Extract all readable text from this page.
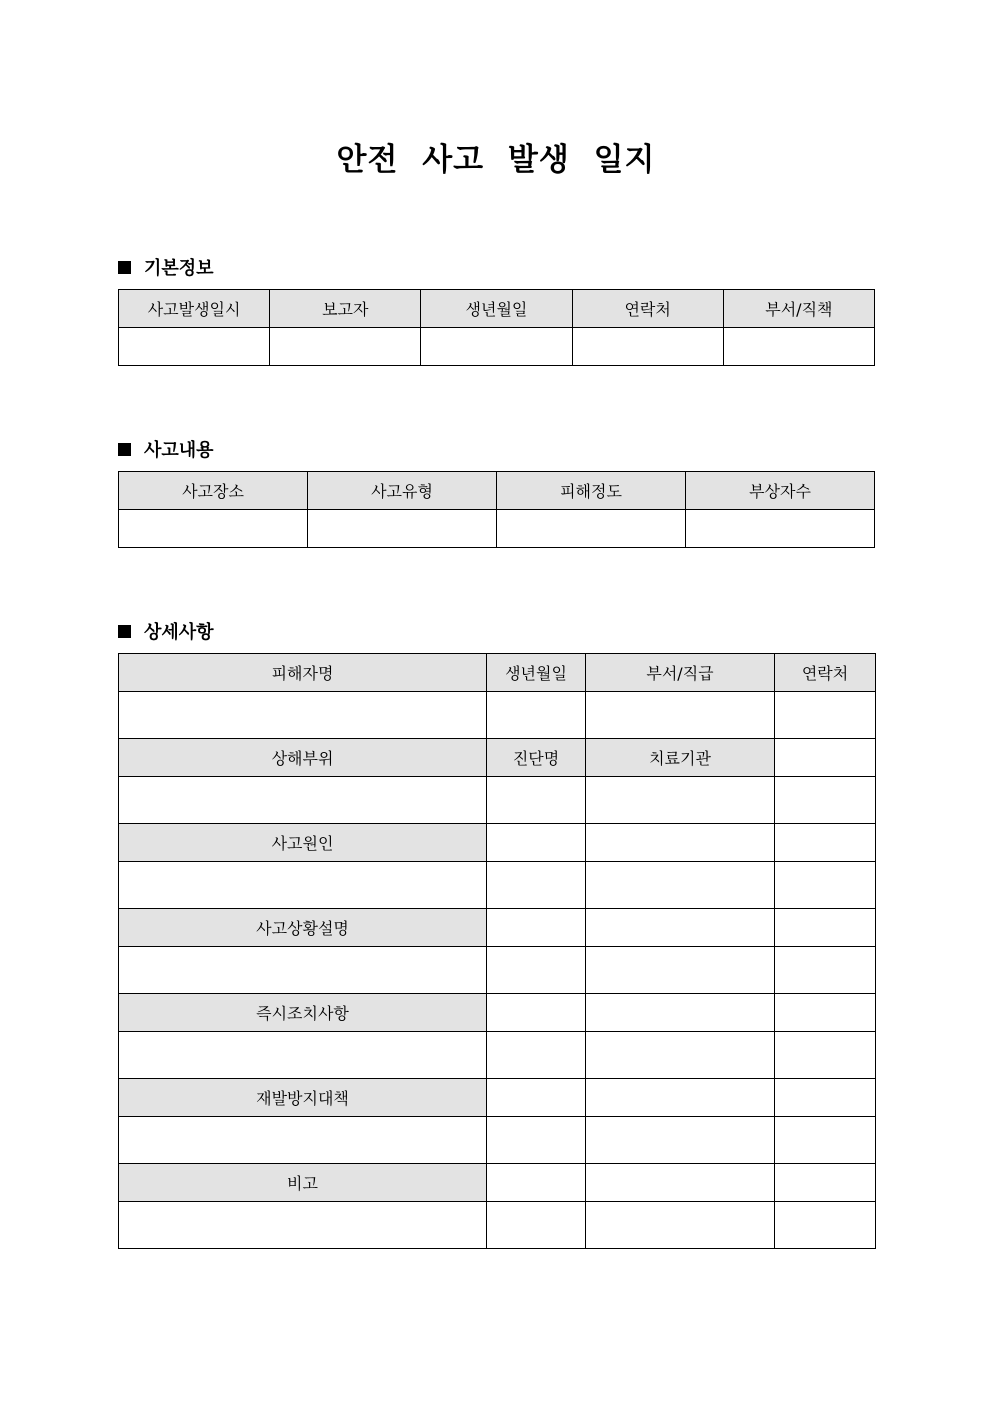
안전 사고 발생 일지
기본정보
사고발생일시	보고자	생년월일	연락처	부서/직책

사고내용
사고장소	사고유형	피해정도	부상자수

상세사항
피해자명	생년월일	부서/직급	연락처

상해부위	진단명	치료기관	

사고원인			

사고상황설명			

즉시조치사항			

재발방지대책			

비고			
